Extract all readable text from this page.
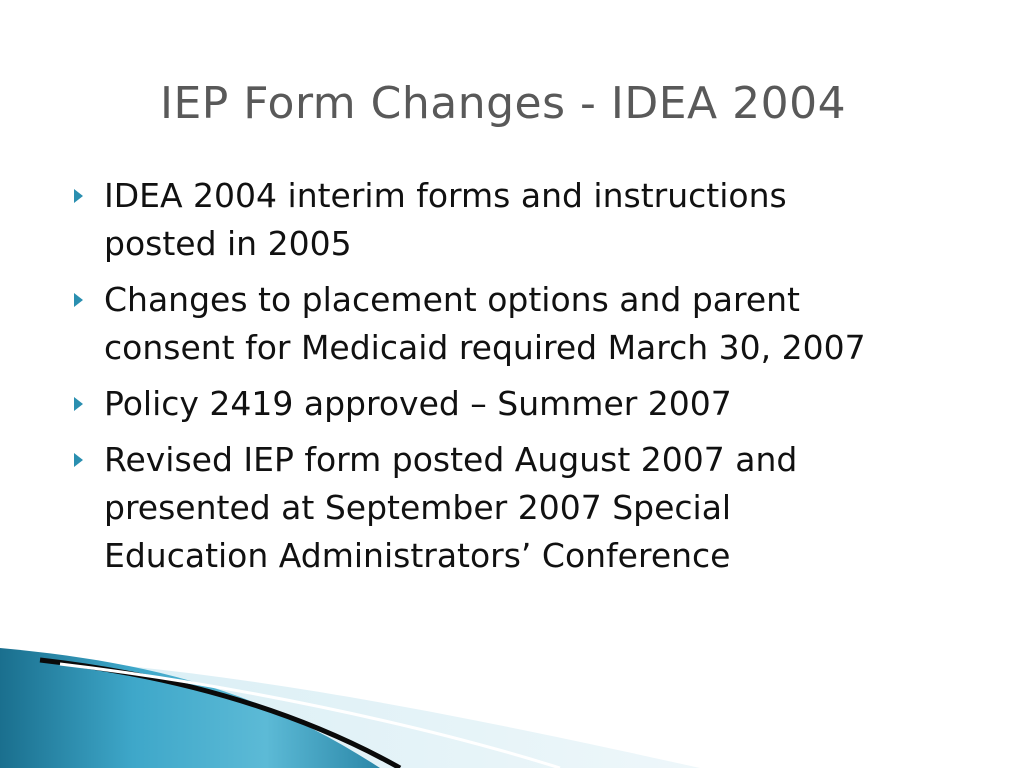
IEP Form Changes - IDEA 2004
IDEA 2004 interim forms and instructions posted in 2005
Changes to placement options and parent consent for Medicaid required March 30, 2007
Policy 2419 approved – Summer 2007
Revised IEP form posted August 2007 and presented at September 2007 Special Education Administrators’ Conference
